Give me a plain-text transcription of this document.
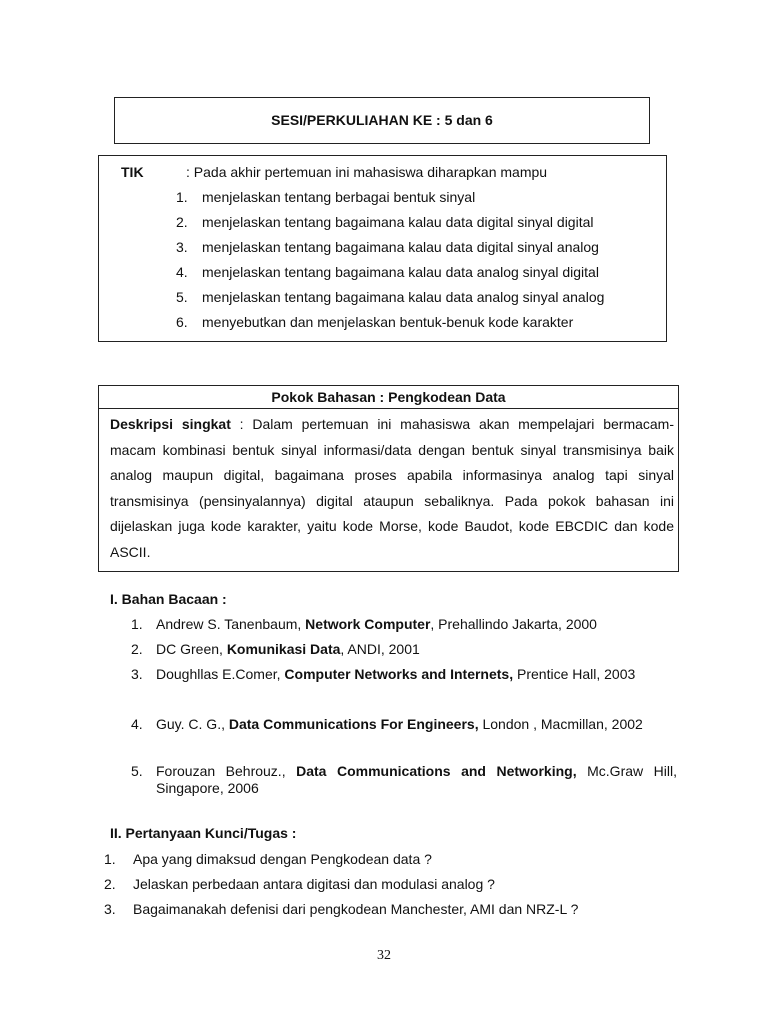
SESI/PERKULIAHAN KE : 5 dan 6
TIK	: Pada akhir pertemuan ini mahasiswa diharapkan mampu
1. menjelaskan tentang berbagai bentuk sinyal
2. menjelaskan tentang bagaimana kalau data digital sinyal digital
3. menjelaskan tentang bagaimana kalau data digital sinyal analog
4. menjelaskan tentang bagaimana kalau data analog sinyal digital
5. menjelaskan tentang bagaimana kalau data analog sinyal analog
6. menyebutkan dan menjelaskan bentuk-benuk kode karakter
Pokok Bahasan : Pengkodean Data
Deskripsi singkat : Dalam pertemuan ini mahasiswa akan mempelajari bermacam-macam kombinasi bentuk sinyal informasi/data dengan bentuk sinyal transmisinya baik analog maupun digital, bagaimana proses apabila informasinya analog tapi sinyal transmisinya (pensinyalannya) digital ataupun sebaliknya. Pada pokok bahasan ini dijelaskan juga kode karakter, yaitu kode Morse, kode Baudot, kode EBCDIC dan kode ASCII.
I. Bahan Bacaan :
1. Andrew S. Tanenbaum, Network Computer, Prehallindo Jakarta, 2000
2. DC Green, Komunikasi Data, ANDI, 2001
3. Doughllas E.Comer, Computer Networks and Internets, Prentice Hall, 2003
4. Guy. C. G., Data Communications For Engineers, London , Macmillan, 2002
5. Forouzan Behrouz., Data Communications and Networking, Mc.Graw Hill, Singapore, 2006
II. Pertanyaan Kunci/Tugas :
1. Apa yang dimaksud dengan Pengkodean data ?
2. Jelaskan perbedaan antara digitasi dan modulasi analog ?
3. Bagaimanakah defenisi dari pengkodean Manchester, AMI dan NRZ-L ?
32
